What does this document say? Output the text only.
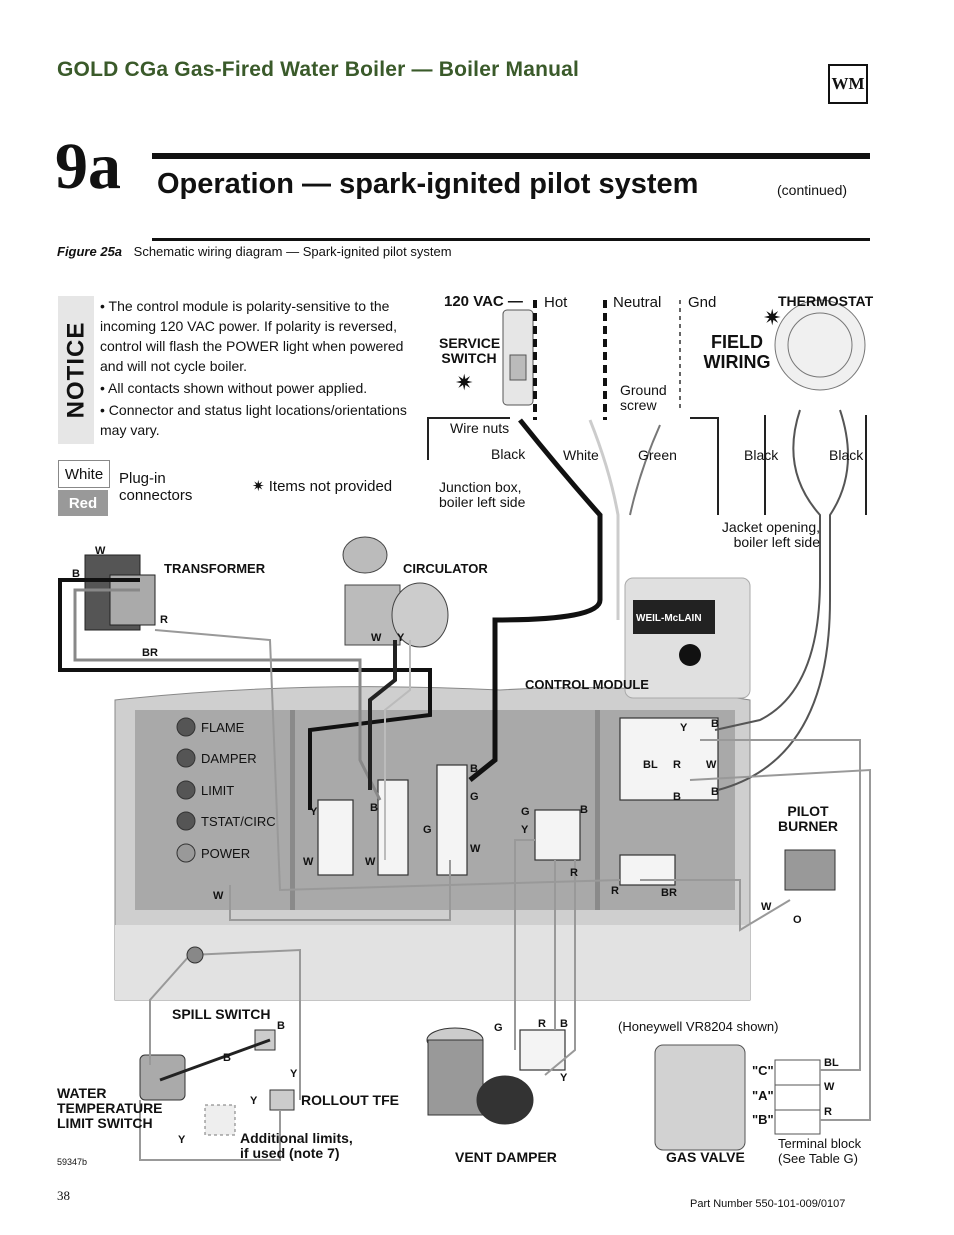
GOLD CGa Gas-Fired Water Boiler — Boiler Manual
WM
9a Operation — spark-ignited pilot system	(continued)
Figure 25a Schematic wiring diagram — Spark-ignited pilot system
✷
✷
NOTICE
• The control module is polarity-sensitive to the incoming 120 VAC power. If polarity is reversed, control will flash the POWER light when powered and will not cycle boiler.
• All contacts shown without power applied.
• Connector and status light locations/orientations may vary.
White
Red
Plug-in connectors
✷ Items not provided
120 VAC — Hot	Neutral Gnd
SERVICE SWITCH
Ground screw
Wire nuts
Black	White	Green
Junction box, boiler left side
FIELD WIRING
THERMOSTAT
Black	Black
Jacket opening, boiler left side
TRANSFORMER	CIRCULATOR
CONTROL MODULE
WEIL-McLAIN
PILOT BURNER
SPILL SWITCH
WATER TEMPERATURE LIMIT SWITCH
ROLLOUT TFE
Additional limits, if used (note 7)	VENT DAMPER	GAS VALVE
(Honeywell VR8204 shown)
Terminal block (See Table G)
59347b
FLAME
DAMPER
LIMIT
TSTAT/CIRC
POWER
"C"
"A"
"B"
W
B
R
BR
W Y
Y
W
B
W
B
G
G
W
G
Y
B
R
Y B
BL R W
B	B
R	BR
W
O
W
B
B
Y
Y
Y
G	R B
Y
BL
W
R
38
Part Number 550-101-009/0107
